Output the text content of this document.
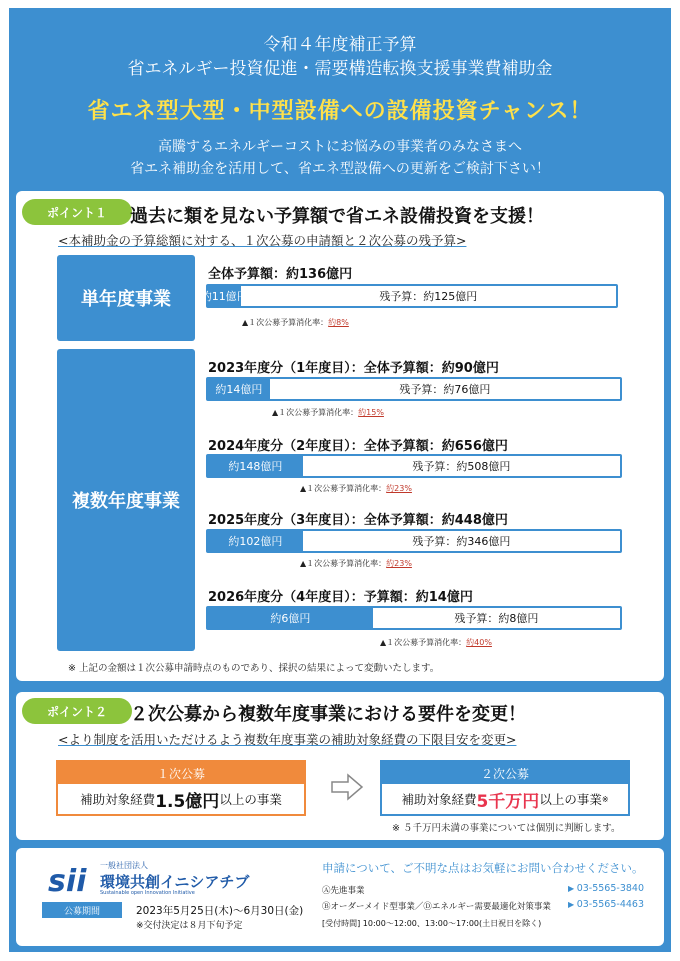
令和４年度補正予算
省エネルギー投資促進・需要構造転換支援事業費補助金
省エネ型大型・中型設備への設備投資チャンス！
高騰するエネルギーコストにお悩みの事業者のみなさまへ
省エネ補助金を活用して、省エネ型設備への更新をご検討下さい！
ポイント１	過去に類を見ない予算額で省エネ設備投資を支援！
<本補助金の予算総額に対する、１次公募の申請額と２次公募の残予算>
単年度事業
全体予算額：約136億円
約11億円	残予算：約125億円
▲１次公募予算消化率：約8%
複数年度事業
2023年度分（1年度目）：全体予算額：約90億円
約14億円	残予算：約76億円
▲１次公募予算消化率：約15%
2024年度分（2年度目）：全体予算額：約656億円
約148億円	残予算：約508億円
▲１次公募予算消化率：約23%
2025年度分（3年度目）：全体予算額：約448億円
約102億円	残予算：約346億円
▲１次公募予算消化率：約23%
2026年度分（4年度目）：予算額：約14億円
約6億円	残予算：約8億円
▲１次公募予算消化率：約40%
※ 上記の金額は１次公募申請時点のものであり、採択の結果によって変動いたします。
ポイント２	２次公募から複数年度事業における要件を変更！
<より制度を活用いただけるよう複数年度事業の補助対象経費の下限目安を変更>
１次公募
補助対象経費 1.5億円 以上の事業
２次公募
補助対象経費 5千万円 以上の事業 ※
※ ５千万円未満の事業については個別に判断します。
sii 一般社団法人
環境共創イニシアチブ
Sustainable open Innovation Initiative
公募期間	2023年5月25日(木)～6月30日(金)
※交付決定は８月下旬予定
申請について、ご不明な点はお気軽にお問い合わせください。
Ⓐ先進事業	▶ 03-5565-3840
Ⓑオーダーメイド型事業／Ⓓエネルギー需要最適化対策事業	▶ 03-5565-4463
[受付時間] 10:00～12:00、13:00～17:00(土日祝日を除く)
Copyright©Sustainable open Innovation Initiative. All Right Reserved.
